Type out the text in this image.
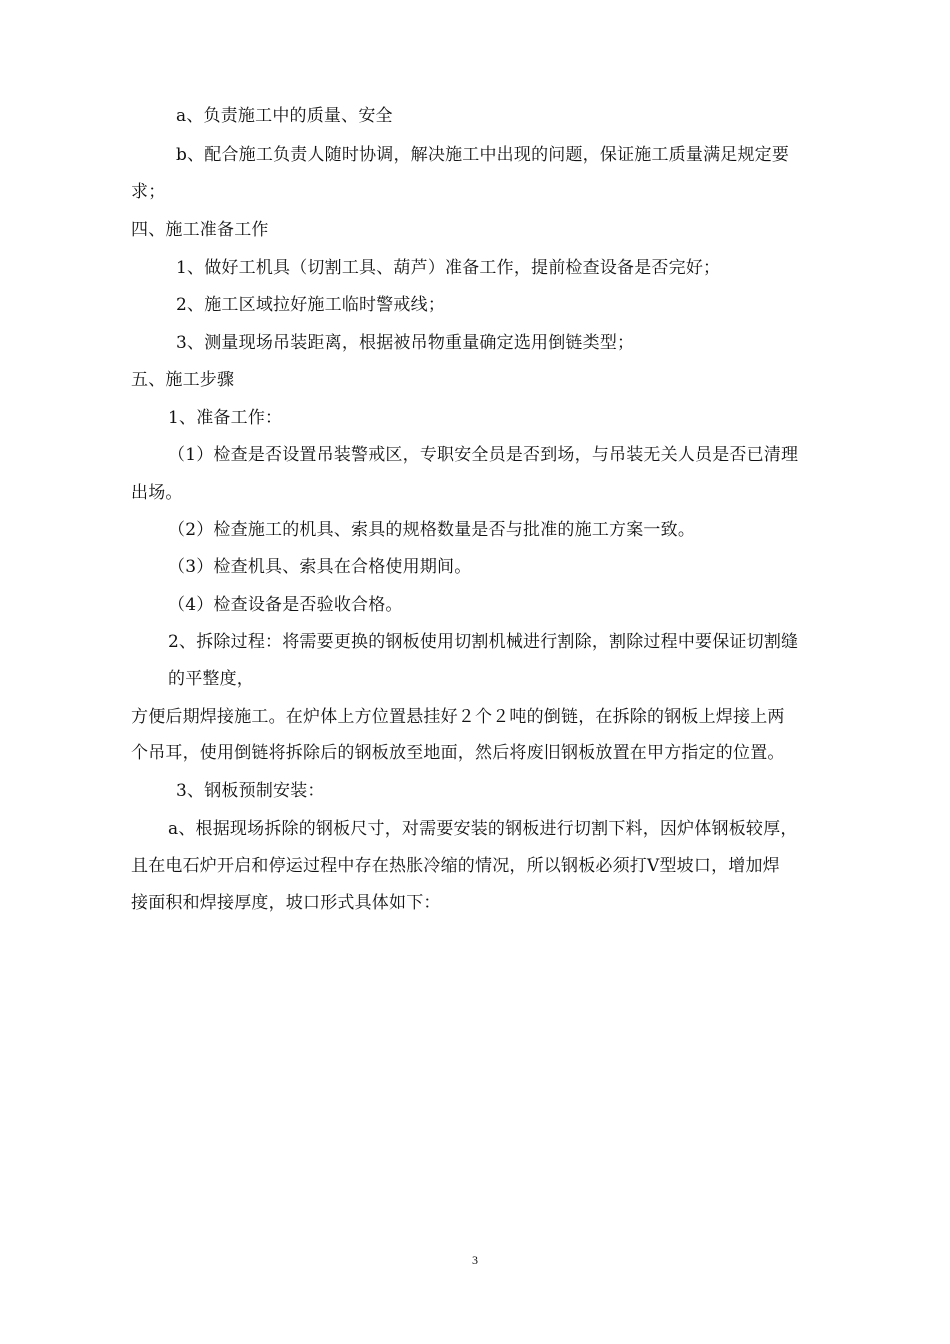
a、负责施工中的质量、安全

b、配合施工负责人随时协调，解决施工中出现的问题，保证施工质量满足规定要

求；

四、施工准备工作

1、做好工机具（切割工具、葫芦）准备工作，提前检查设备是否完好；

2、施工区域拉好施工临时警戒线；

3、测量现场吊装距离，根据被吊物重量确定选用倒链类型；

五、施工步骤

1、准备工作：

（1）检查是否设置吊装警戒区，专职安全员是否到场，与吊装无关人员是否已清理

出场。

（2）检查施工的机具、索具的规格数量是否与批准的施工方案一致。

（3）检查机具、索具在合格使用期间。

（4）检查设备是否验收合格。

2、拆除过程：将需要更换的钢板使用切割机械进行割除，割除过程中要保证切割缝

的平整度，

方便后期焊接施工。在炉体上方位置悬挂好２个２吨的倒链，在拆除的钢板上焊接上两

个吊耳，使用倒链将拆除后的钢板放至地面，然后将废旧钢板放置在甲方指定的位置。

3、钢板预制安装：

a、根据现场拆除的钢板尺寸，对需要安装的钢板进行切割下料，因炉体钢板较厚，

且在电石炉开启和停运过程中存在热胀冷缩的情况，所以钢板必须打Ⅴ型坡口，增加焊

接面积和焊接厚度，坡口形式具体如下：

3
